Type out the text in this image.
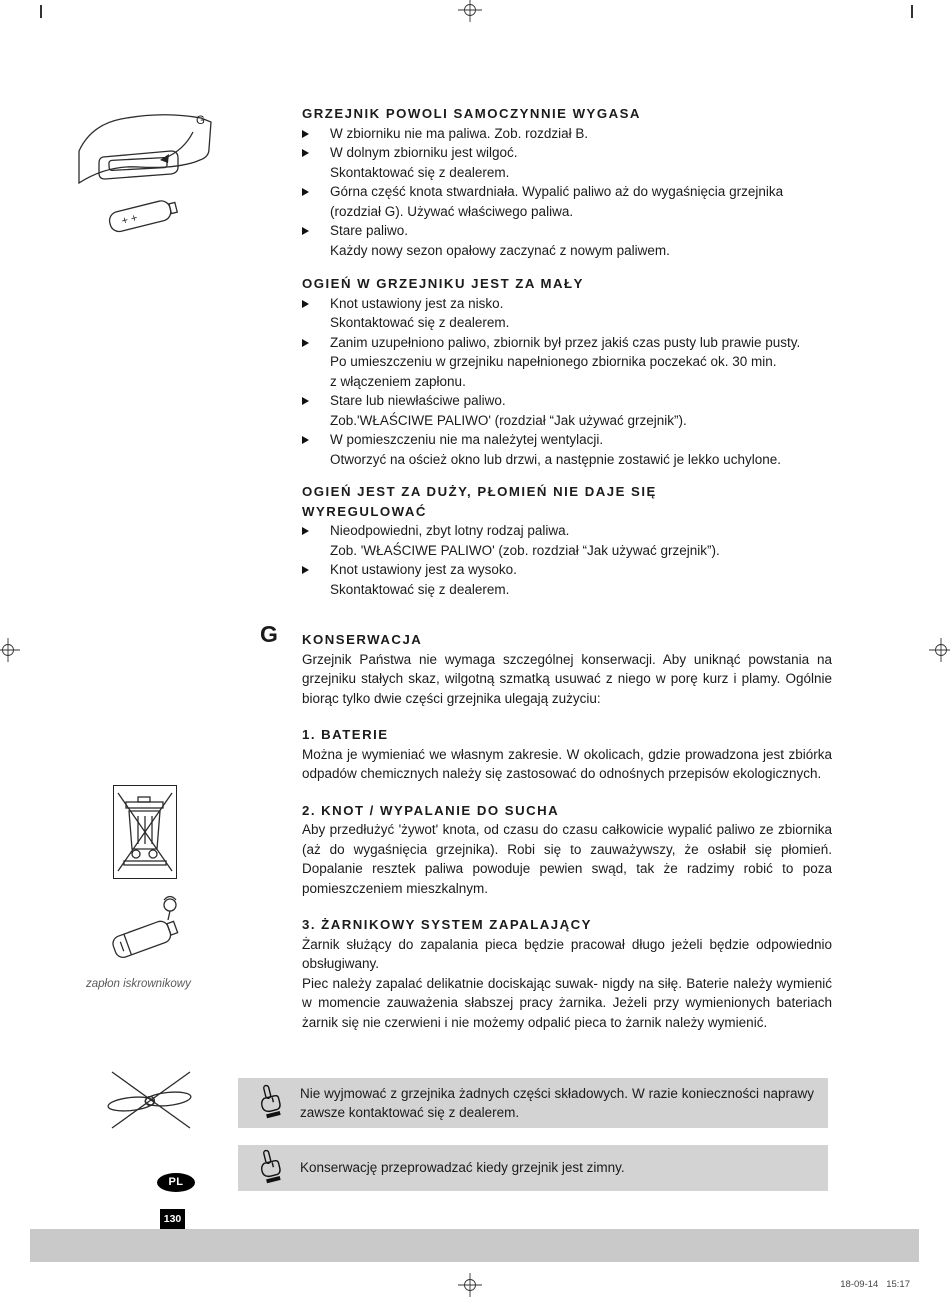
G
+ +
GRZEJNIK POWOLI SAMOCZYNNIE WYGASA
W zbiorniku nie ma paliwa. Zob. rozdział B.
W dolnym zbiorniku jest wilgoć.
Skontaktować się z dealerem.
Górna część knota stwardniała. Wypalić paliwo aż do wygaśnięcia grzejnika
(rozdział G). Używać właściwego paliwa.
Stare paliwo.
Każdy nowy sezon opałowy zaczynać z nowym paliwem.
OGIEŃ W GRZEJNIKU JEST ZA MAŁY
Knot ustawiony jest za nisko.
Skontaktować się z dealerem.
Zanim uzupełniono paliwo, zbiornik był przez jakiś czas pusty lub prawie pusty.
Po umieszczeniu w grzejniku napełnionego zbiornika poczekać ok. 30 min.
z włączeniem zapłonu.
Stare lub niewłaściwe paliwo.
Zob.'WŁAŚCIWE PALIWO' (rozdział “Jak używać grzejnik”).
W pomieszczeniu nie ma należytej wentylacji.
Otworzyć na oścież okno lub drzwi, a następnie zostawić je lekko uchylone.
OGIEŃ JEST ZA DUŻY, PŁOMIEŃ NIE DAJE SIĘ
WYREGULOWAĆ
Nieodpowiedni, zbyt lotny rodzaj paliwa.
Zob. 'WŁAŚCIWE PALIWO' (zob. rozdział “Jak używać grzejnik”).
Knot ustawiony jest za wysoko.
Skontaktować się z dealerem.
G KONSERWACJA

Grzejnik Państwa nie wymaga szczególnej konserwacji. Aby uniknąć powstania na grzejniku stałych skaz, wilgotną szmatką usuwać z niego w porę kurz i plamy. Ogólnie biorąc tylko dwie części grzejnika ulegają zużyciu:

1. BATERIE

Można je wymieniać we własnym zakresie. W okolicach, gdzie prowadzona jest zbiórka odpadów chemicznych należy się zastosować do odnośnych przepisów ekologicznych.

2. KNOT / WYPALANIE DO SUCHA

Aby przedłużyć 'żywot' knota, od czasu do czasu całkowicie wypalić paliwo ze zbiornika (aż do wygaśnięcia grzejnika). Robi się to zauważywszy, że osłabił się płomień. Dopalanie resztek paliwa powoduje pewien swąd, tak że radzimy robić to poza pomieszczeniem mieszkalnym.

3. ŻARNIKOWY SYSTEM ZAPALAJĄCY

Żarnik służący do zapalania pieca będzie pracował długo jeżeli będzie odpowiednio obsługiwany.

Piec należy zapalać delikatnie dociskając suwak- nigdy na siłę. Baterie należy wymienić w momencie zauważenia słabszej pracy żarnika. Jeżeli przy wymienionych bateriach żarnik się nie czerwieni i nie możemy odpalić pieca to żarnik należy wymienić.

zapłon iskrownikowy
PL
130
Nie wyjmować z grzejnika żadnych części składowych. W razie konieczności naprawy zawsze kontaktować się z dealerem.
Konserwację przeprowadzać kiedy grzejnik jest zimny.
18-09-14   15:17
